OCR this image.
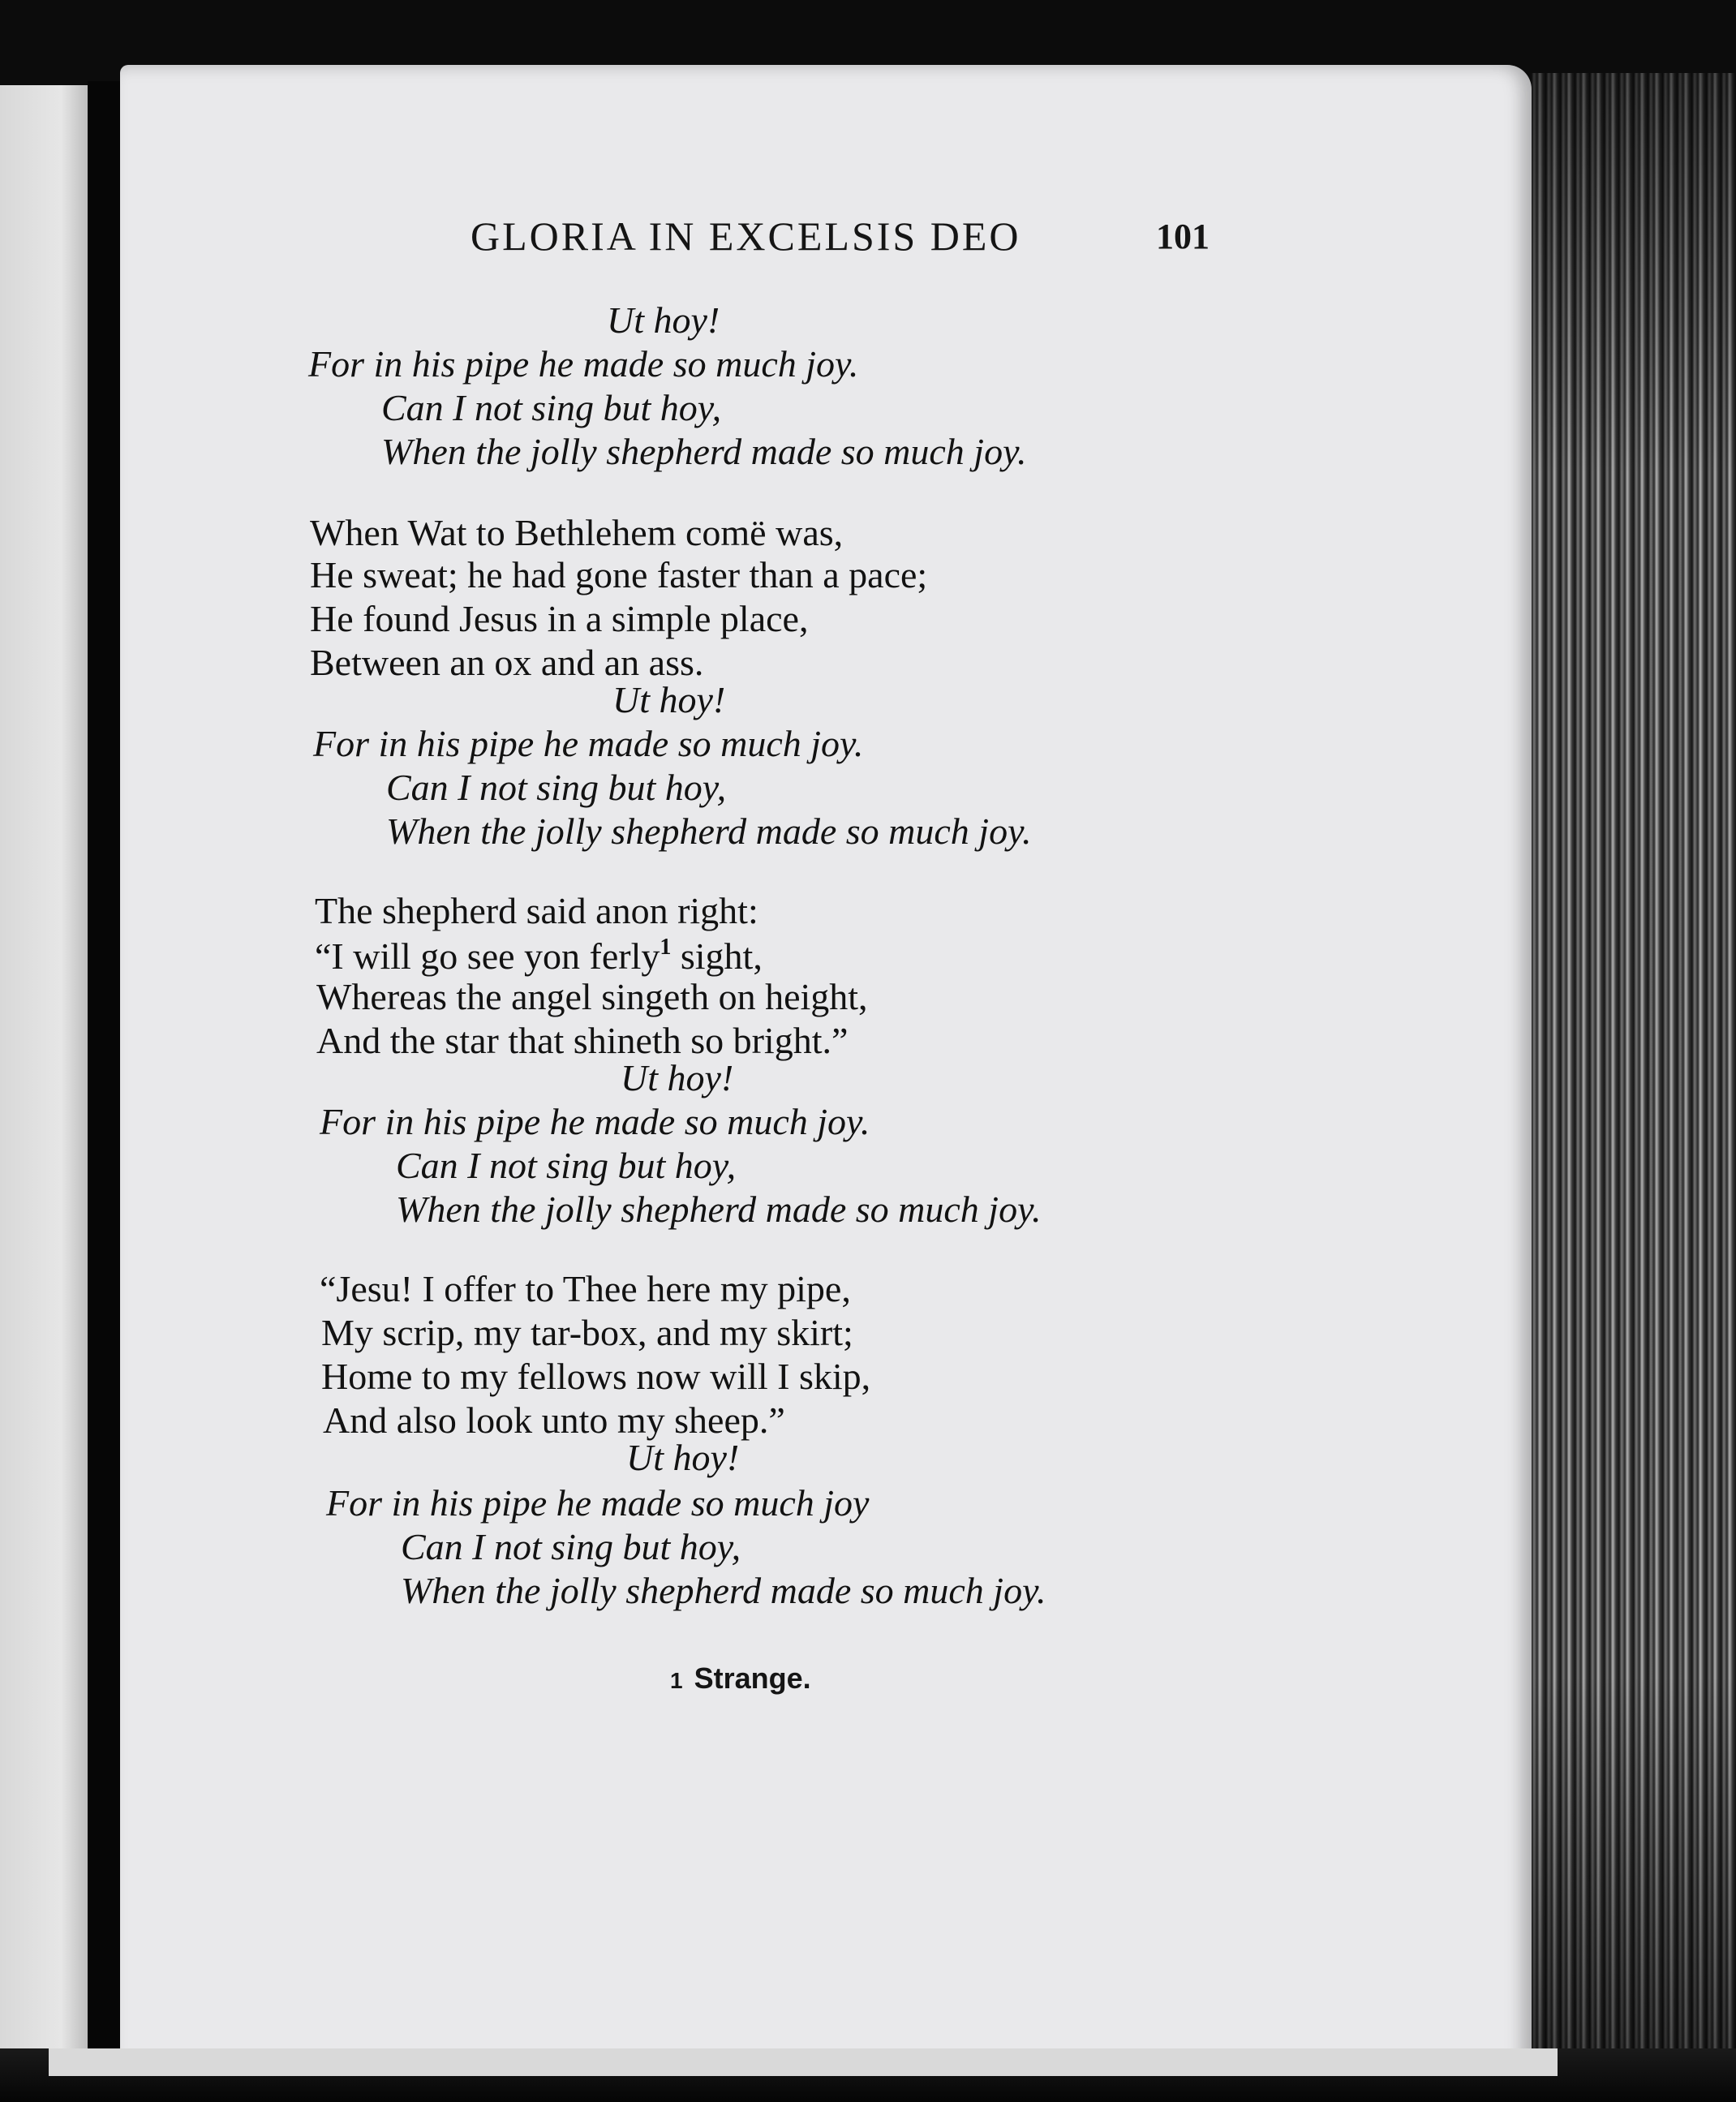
GLORIA IN EXCELSIS DEO	101
Ut hoy!
For in his pipe he made so much joy.
Can I not sing but hoy,
When the jolly shepherd made so much joy.
When Wat to Bethlehem comë was,
He sweat; he had gone faster than a pace;
He found Jesus in a simple place,
Between an ox and an ass.
Ut hoy!
For in his pipe he made so much joy.
Can I not sing but hoy,
When the jolly shepherd made so much joy.
The shepherd said anon right:
“I will go see yon ferly$^1$ sight,
Whereas the angel singeth on height,
And the star that shineth so bright.”
Ut hoy!
For in his pipe he made so much joy.
Can I not sing but hoy,
When the jolly shepherd made so much joy.
“Jesu! I offer to Thee here my pipe,
My scrip, my tar-box, and my skirt;
Home to my fellows now will I skip,
And also look unto my sheep.”
Ut hoy!
For in his pipe he made so much joy
Can I not sing but hoy,
When the jolly shepherd made so much joy.
1 Strange.
